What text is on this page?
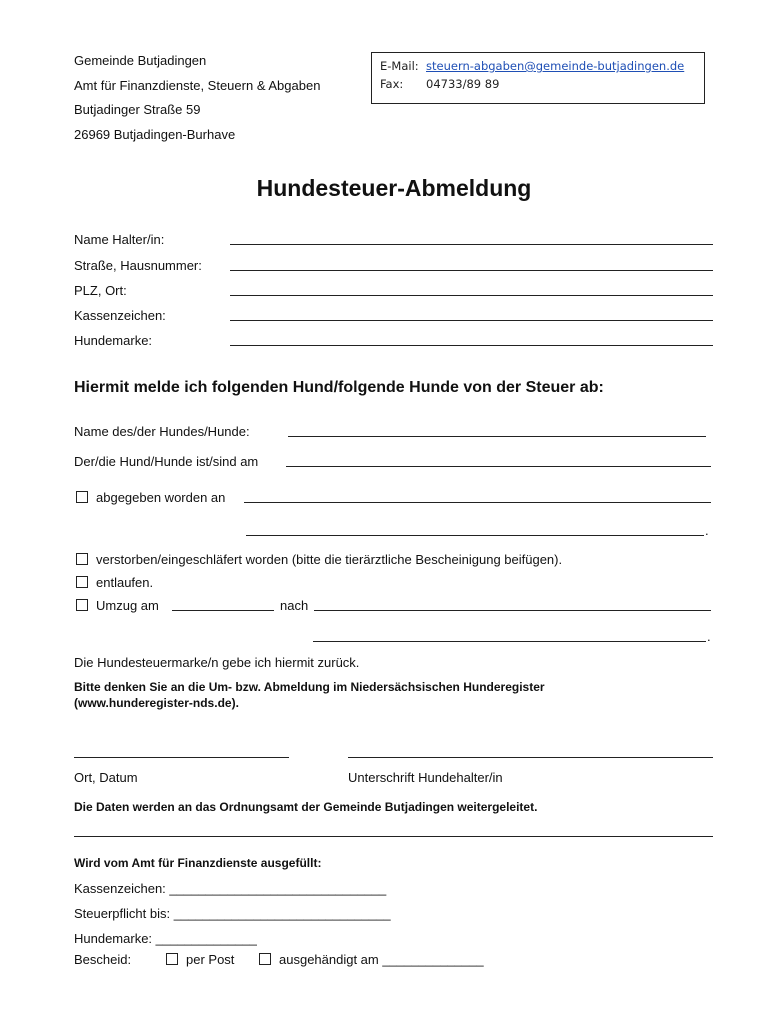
Gemeinde Butjadingen
Amt für Finanzdienste, Steuern & Abgaben
Butjadinger Straße 59
26969 Butjadingen-Burhave
E-Mail: steuern-abgaben@gemeinde-butjadingen.de
Fax: 04733/89 89
Hundesteuer-Abmeldung
Name Halter/in:
Straße, Hausnummer:
PLZ, Ort:
Kassenzeichen:
Hundemarke:
Hiermit melde ich folgenden Hund/folgende Hunde von der Steuer ab:
Name des/der Hundes/Hunde:
Der/die Hund/Hunde ist/sind am
abgegeben worden an
.
verstorben/eingeschläfert worden (bitte die tierärztliche Bescheinigung beifügen).
entlaufen.
Umzug am	nach
.
Die Hundesteuermarke/n gebe ich hiermit zurück.
Bitte denken Sie an die Um- bzw. Abmeldung im Niedersächsischen Hunderegister
(www.hunderegister-nds.de).
Ort, Datum	Unterschrift Hundehalter/in
Die Daten werden an das Ordnungsamt der Gemeinde Butjadingen weitergeleitet.
Wird vom Amt für Finanzdienste ausgefüllt:
Kassenzeichen: ______________________________
Steuerpflicht bis: ______________________________
Hundemarke: ______________
Bescheid:	per Post	ausgehändigt am ______________
